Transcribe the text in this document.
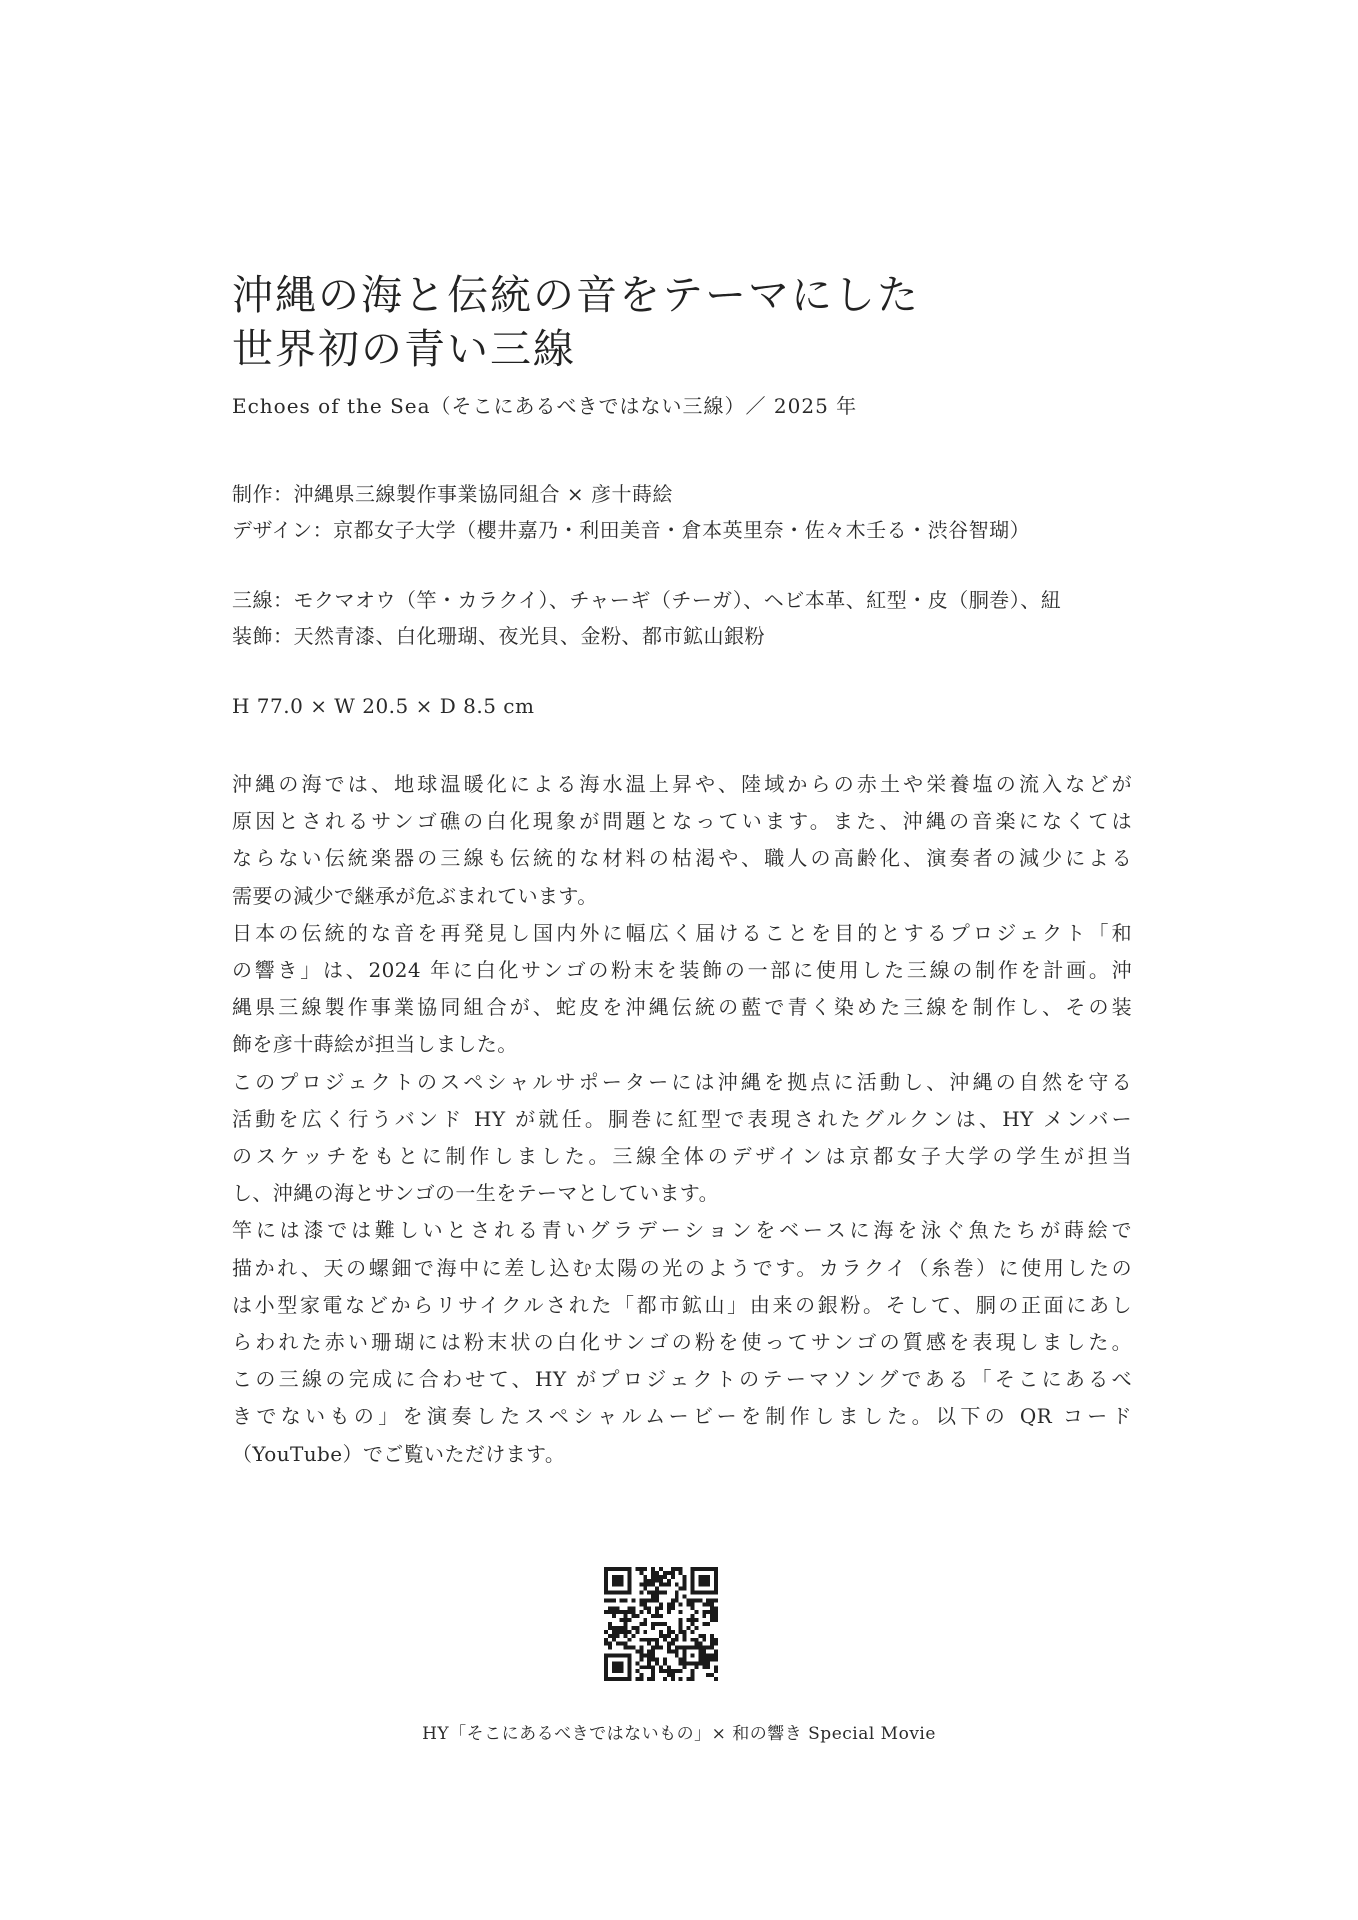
沖縄の海と伝統の音をテーマにした
世界初の青い三線
Echoes of the Sea（そこにあるべきではない三線）／ 2025 年
制作：沖縄県三線製作事業協同組合 × 彦十蒔絵
デザイン：京都女子大学（櫻井嘉乃・利田美音・倉本英里奈・佐々木壬る・渋谷智瑚）
三線：モクマオウ（竿・カラクイ）、チャーギ（チーガ）、ヘビ本革、紅型・皮（胴巻）、紐
装飾：天然青漆、白化珊瑚、夜光貝、金粉、都市鉱山銀粉
H 77.0 × W 20.5 × D 8.5 cm
沖縄の海では、地球温暖化による海水温上昇や、陸域からの赤土や栄養塩の流入などが
原因とされるサンゴ礁の白化現象が問題となっています。また、沖縄の音楽になくては
ならない伝統楽器の三線も伝統的な材料の枯渇や、職人の高齢化、演奏者の減少による
需要の減少で継承が危ぶまれています。
日本の伝統的な音を再発見し国内外に幅広く届けることを目的とするプロジェクト「和
の響き」は、2024 年に白化サンゴの粉末を装飾の一部に使用した三線の制作を計画。沖
縄県三線製作事業協同組合が、蛇皮を沖縄伝統の藍で青く染めた三線を制作し、その装
飾を彦十蒔絵が担当しました。
このプロジェクトのスペシャルサポーターには沖縄を拠点に活動し、沖縄の自然を守る
活動を広く行うバンド HY が就任。胴巻に紅型で表現されたグルクンは、HY メンバー
のスケッチをもとに制作しました。三線全体のデザインは京都女子大学の学生が担当
し、沖縄の海とサンゴの一生をテーマとしています。
竿には漆では難しいとされる青いグラデーションをベースに海を泳ぐ魚たちが蒔絵で
描かれ、天の螺鈿で海中に差し込む太陽の光のようです。カラクイ（糸巻）に使用したの
は小型家電などからリサイクルされた「都市鉱山」由来の銀粉。そして、胴の正面にあし
らわれた赤い珊瑚には粉末状の白化サンゴの粉を使ってサンゴの質感を表現しました。
この三線の完成に合わせて、HY がプロジェクトのテーマソングである「そこにあるべ
きでないもの」を演奏したスペシャルムービーを制作しました。以下の QR コード
（YouTube）でご覧いただけます。
HY「そこにあるべきではないもの」× 和の響き Special Movie
